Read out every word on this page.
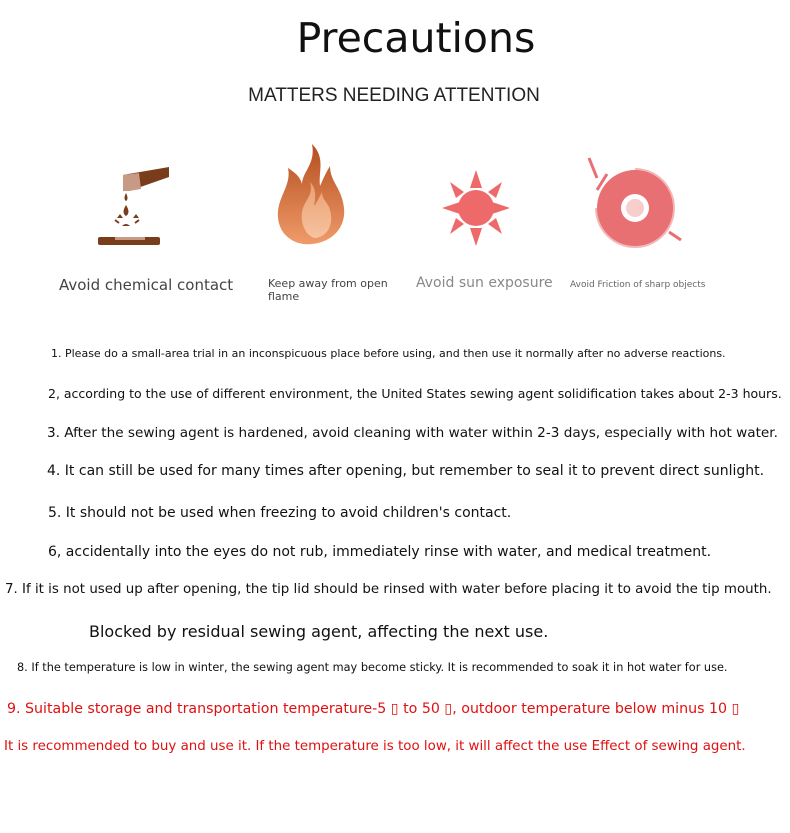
Precautions
MATTERS NEEDING ATTENTION
Avoid chemical contact	Keep away from open flame
Avoid sun exposure Avoid Friction of sharp objects
1. Please do a small-area trial in an inconspicuous place before using, and then use it normally after no adverse reactions.
2, according to the use of different environment, the United States sewing agent solidification takes about 2-3 hours.
3. After the sewing agent is hardened, avoid cleaning with water within 2-3 days, especially with hot water.
4. It can still be used for many times after opening, but remember to seal it to prevent direct sunlight.
5. It should not be used when freezing to avoid children's contact.
6, accidentally into the eyes do not rub, immediately rinse with water, and medical treatment.
7. If it is not used up after opening, the tip lid should be rinsed with water before placing it to avoid the tip mouth.
Blocked by residual sewing agent, affecting the next use.
8. If the temperature is low in winter, the sewing agent may become sticky. It is recommended to soak it in hot water for use.
9. Suitable storage and transportation temperature-5 ▯ to 50 ▯, outdoor temperature below minus 10 ▯
It is recommended to buy and use it. If the temperature is too low, it will affect the use Effect of sewing agent.
